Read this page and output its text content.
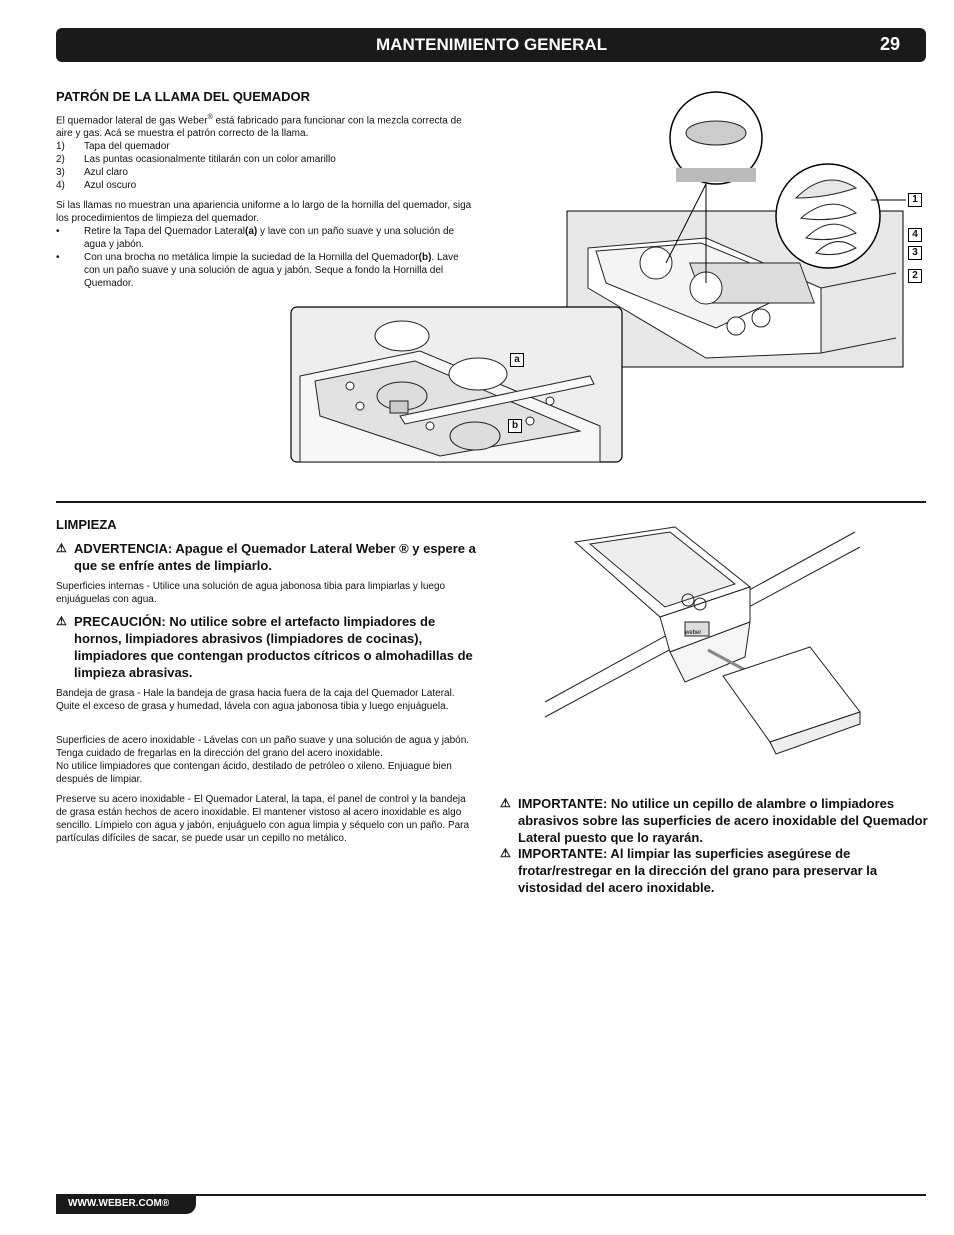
MANTENIMIENTO GENERAL	29
PATRÓN DE LA LLAMA DEL QUEMADOR

El quemador lateral de gas Weber® está fabricado para funcionar con la mezcla correcta de aire y gas. Acá se muestra el patrón correcto de la llama.

1)	Tapa del quemador
2)	Las puntas ocasionalmente titilarán con un color amarillo
3)	Azul claro
4)	Azul oscuro

Si las llamas no muestran una apariencia uniforme a lo largo de la hornilla del quemador, siga los procedimientos de limpieza del quemador.

•	Retire la Tapa del Quemador Lateral(a) y lave con un paño suave y una solución de agua y jabón.
•	Con una brocha no metálica limpie la suciedad de la Hornilla del Quemador(b). Lave con un paño suave y una solución de agua y jabón. Seque a fondo la Hornilla del Quemador.
1
4
3
2
a
b
LIMPIEZA
⚠ ADVERTENCIA: Apague el Quemador Lateral Weber ® y espere a que se enfríe antes de limpiarlo.
Superficies internas - Utilice una solución de agua jabonosa tibia para limpiarlas y luego enjuáguelas con agua.
⚠ PRECAUCIÓN: No utilice sobre el artefacto limpiadores de hornos, limpiadores abrasivos (limpiadores de cocinas), limpiadores que contengan productos cítricos o almohadillas de limpieza abrasivas.
Bandeja de grasa - Hale la bandeja de grasa hacia fuera de la caja del Quemador Lateral. Quite el exceso de grasa y humedad, lávela con agua jabonosa tibia y luego enjuáguela.

Superficies de acero inoxidable - Lávelas con un paño suave y una solución de agua y jabón. Tenga cuidado de fregarlas en la dirección del grano del acero inoxidable.

No utilice limpiadores que contengan ácido, destilado de petróleo o xileno. Enjuague bien después de limpiar.

Preserve su acero inoxidable - El Quemador Lateral, la tapa, el panel de control y la bandeja de grasa están hechos de acero inoxidable. El mantener vistoso al acero inoxidable es algo sencillo. Límpielo con agua y jabón, enjuáguelo con agua limpia y séquelo con un paño. Para partículas difíciles de sacar, se puede usar un cepillo no metálico.
weber
⚠ IMPORTANTE: No utilice un cepillo de alambre o limpiadores abrasivos sobre las superficies de acero inoxidable del Quemador Lateral puesto que lo rayarán.
⚠ IMPORTANTE: Al limpiar las superficies asegúrese de frotar/restregar en la dirección del grano para preservar la vistosidad del acero inoxidable.
WWW.WEBER.COM®
